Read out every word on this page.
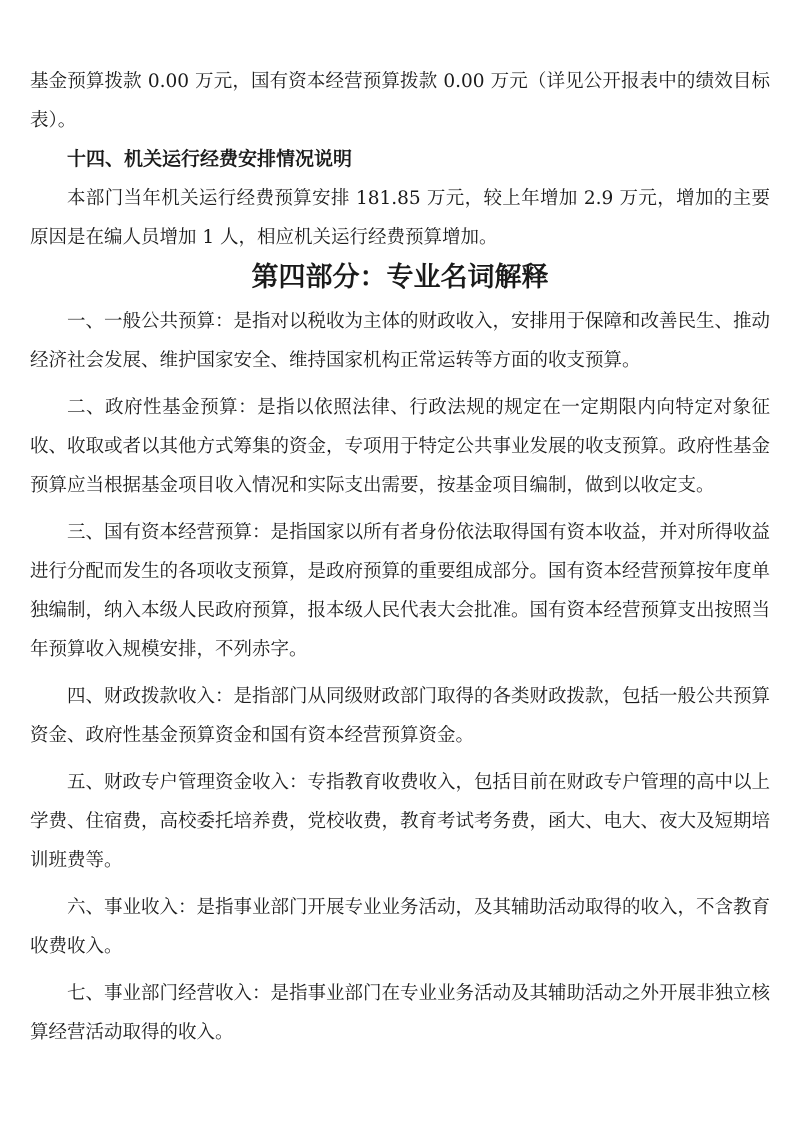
基金预算拨款 0.00 万元，国有资本经营预算拨款 0.00 万元（详见公开报表中的绩效目标表）。

十四、机关运行经费安排情况说明

本部门当年机关运行经费预算安排 181.85 万元，较上年增加 2.9 万元，增加的主要原因是在编人员增加 1 人，相应机关运行经费预算增加。

第四部分：专业名词解释

一、一般公共预算：是指对以税收为主体的财政收入，安排用于保障和改善民生、推动经济社会发展、维护国家安全、维持国家机构正常运转等方面的收支预算。

二、政府性基金预算：是指以依照法律、行政法规的规定在一定期限内向特定对象征收、收取或者以其他方式筹集的资金，专项用于特定公共事业发展的收支预算。政府性基金预算应当根据基金项目收入情况和实际支出需要，按基金项目编制，做到以收定支。

三、国有资本经营预算：是指国家以所有者身份依法取得国有资本收益，并对所得收益进行分配而发生的各项收支预算，是政府预算的重要组成部分。国有资本经营预算按年度单独编制，纳入本级人民政府预算，报本级人民代表大会批准。国有资本经营预算支出按照当年预算收入规模安排，不列赤字。

四、财政拨款收入：是指部门从同级财政部门取得的各类财政拨款，包括一般公共预算资金、政府性基金预算资金和国有资本经营预算资金。

五、财政专户管理资金收入：专指教育收费收入，包括目前在财政专户管理的高中以上学费、住宿费，高校委托培养费，党校收费，教育考试考务费，函大、电大、夜大及短期培训班费等。

六、事业收入：是指事业部门开展专业业务活动，及其辅助活动取得的收入，不含教育收费收入。

七、事业部门经营收入：是指事业部门在专业业务活动及其辅助活动之外开展非独立核算经营活动取得的收入。
